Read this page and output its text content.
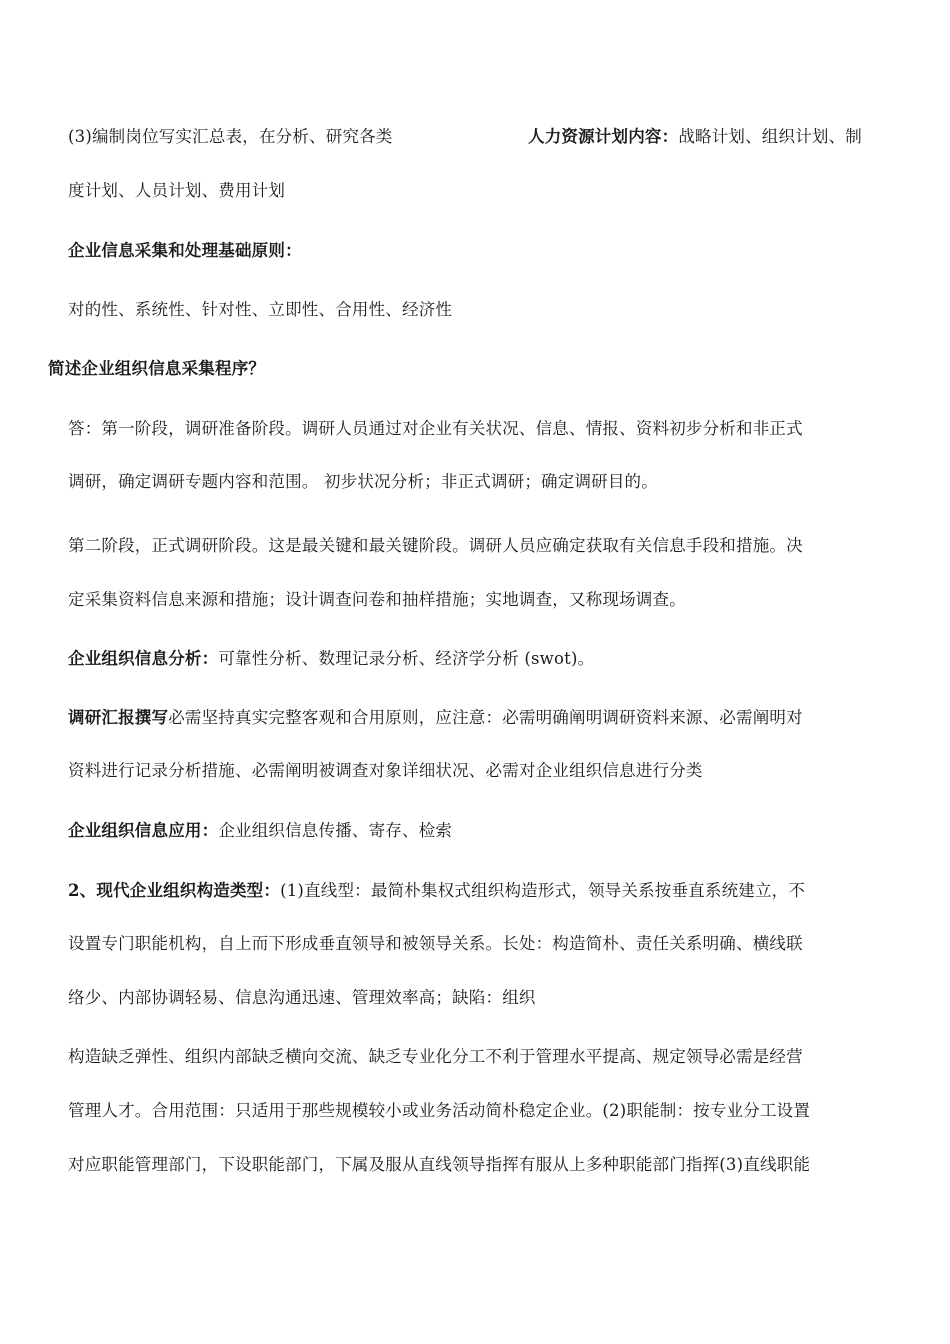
(3)编制岗位写实汇总表，在分析、研究各类	人力资源计划内容：战略计划、组织计划、制
度计划、人员计划、费用计划
企业信息采集和处理基础原则：
对的性、系统性、针对性、立即性、合用性、经济性
简述企业组织信息采集程序？
答：第一阶段，调研准备阶段。调研人员通过对企业有关状况、信息、情报、资料初步分析和非正式
调研，确定调研专题内容和范围。 初步状况分析；非正式调研；确定调研目的。
第二阶段，正式调研阶段。这是最关键和最关键阶段。调研人员应确定获取有关信息手段和措施。决
定采集资料信息来源和措施；设计调查问卷和抽样措施；实地调查，又称现场调查。
企业组织信息分析：可靠性分析、数理记录分析、经济学分析 (swot)。
调研汇报撰写必需坚持真实完整客观和合用原则，应注意：必需明确阐明调研资料来源、必需阐明对
资料进行记录分析措施、必需阐明被调查对象详细状况、必需对企业组织信息进行分类
企业组织信息应用：企业组织信息传播、寄存、检索
2、现代企业组织构造类型：(1)直线型：最简朴集权式组织构造形式，领导关系按垂直系统建立，不
设置专门职能机构，自上而下形成垂直领导和被领导关系。长处：构造简朴、责任关系明确、横线联
络少、内部协调轻易、信息沟通迅速、管理效率高；缺陷：组织
构造缺乏弹性、组织内部缺乏横向交流、缺乏专业化分工不利于管理水平提高、规定领导必需是经营
管理人才。合用范围：只适用于那些规模较小或业务活动简朴稳定企业。(2)职能制：按专业分工设置
对应职能管理部门，下设职能部门，下属及服从直线领导指挥有服从上多种职能部门指挥(3)直线职能
